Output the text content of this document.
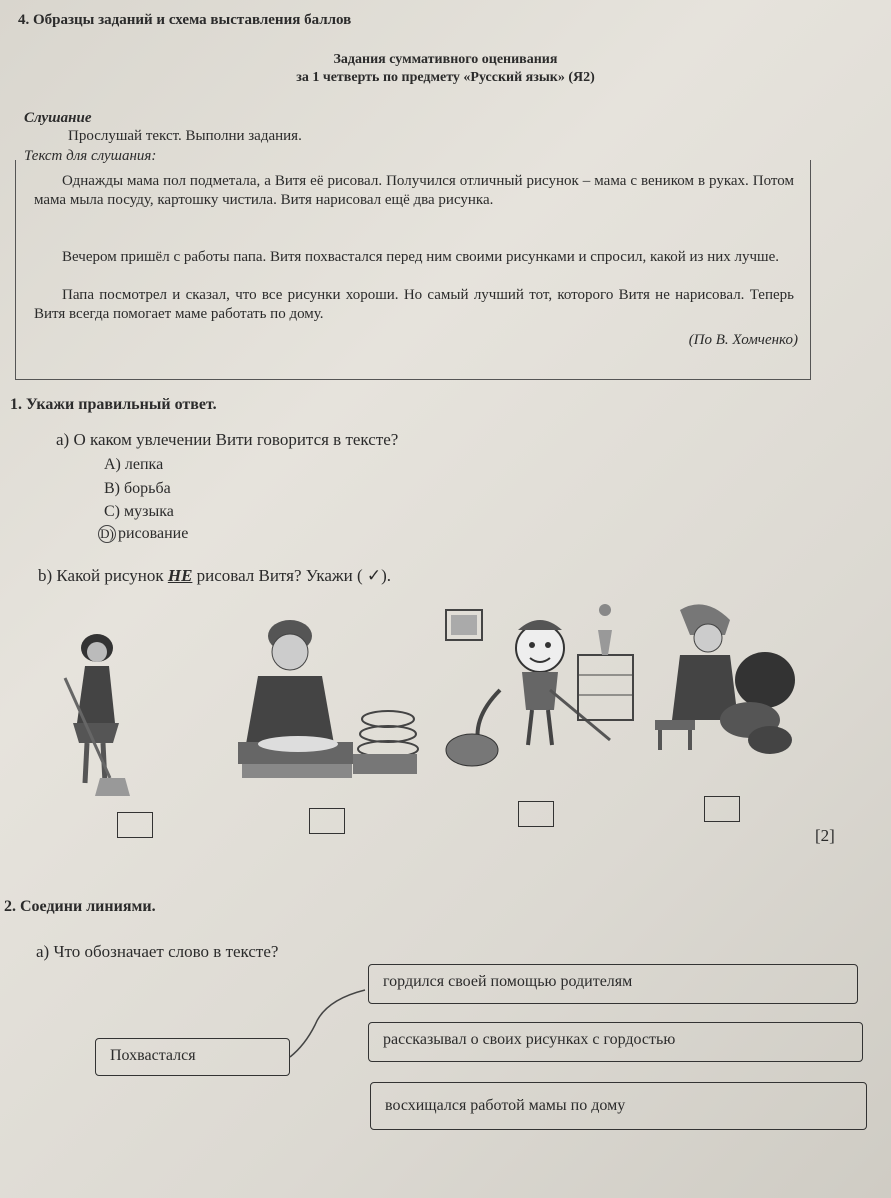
4. Образцы заданий и схема выставления баллов
Задания суммативного оценивания
за 1 четверть по предмету «Русский язык» (Я2)
Слушание
Прослушай текст. Выполни задания.
Текст для слушания:
Однажды мама пол подметала, а Витя её рисовал. Получился отличный рисунок – мама с веником в руках. Потом мама мыла посуду, картошку чистила. Витя нарисовал ещё два рисунка.
Вечером пришёл с работы папа. Витя похвастался перед ним своими рисунками и спросил, какой из них лучше.
Папа посмотрел и сказал, что все рисунки хороши. Но самый лучший тот, которого Витя не нарисовал. Теперь Витя всегда помогает маме работать по дому.
(По В. Хомченко)
1. Укажи правильный ответ.
а) О каком увлечении Вити говорится в тексте?
A) лепка
B) борьба
C) музыка
D) рисование
b) Какой рисунок НЕ рисовал Витя? Укажи ( ✓).
[2]
2. Соедини линиями.
а) Что обозначает слово в тексте?
Похвастался
гордился своей помощью родителям
рассказывал о своих рисунках с гордостью
восхищался работой мамы по дому
